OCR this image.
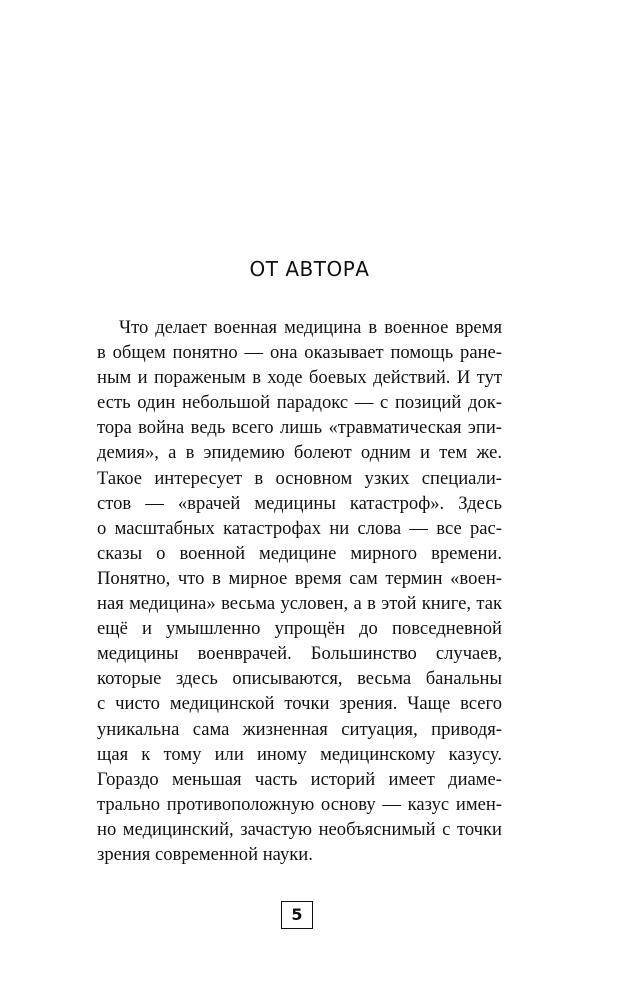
ОТ АВТОРА
Что делает военная медицина в военное время
в общем понятно — она оказывает помощь ране-
ным и пораженым в ходе боевых действий. И тут
есть один небольшой парадокс — с позиций док-
тора война ведь всего лишь «травматическая эпи-
демия», а в эпидемию болеют одним и тем же.
Такое интересует в основном узких специали-
стов — «врачей медицины катастроф». Здесь
о масштабных катастрофах ни слова — все рас-
сказы о военной медицине мирного времени.
Понятно, что в мирное время сам термин «воен-
ная медицина» весьма условен, а в этой книге, так
ещё и умышленно упрощён до повседневной
медицины военврачей. Большинство случаев,
которые здесь описываются, весьма банальны
с чисто медицинской точки зрения. Чаще всего
уникальна сама жизненная ситуация, приводя-
щая к тому или иному медицинскому казусу.
Гораздо меньшая часть историй имеет диаме-
трально противоположную основу — казус имен-
но медицинский, зачастую необъяснимый с точки
зрения современной науки.
5
